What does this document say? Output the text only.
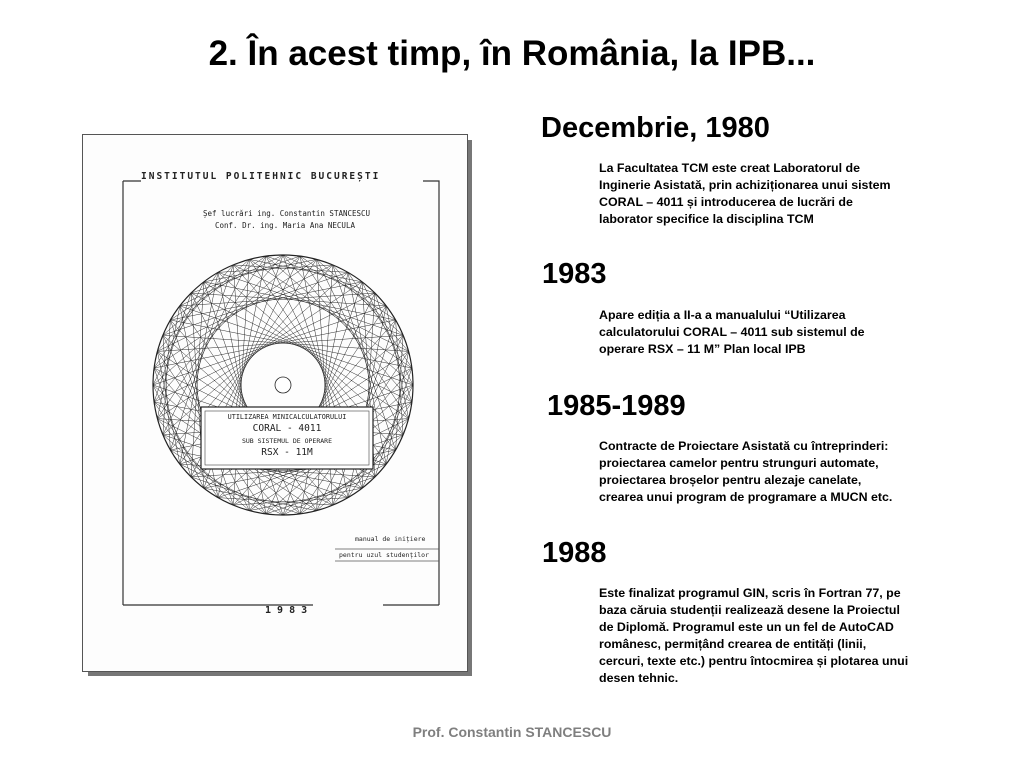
2. În acest timp, în România, la IPB...
INSTITUTUL POLITEHNIC BUCUREȘTI
Șef lucrări ing. Constantin STANCESCU
Conf. Dr. ing. Maria Ana NECULA
UTILIZAREA MINICALCULATORULUI
CORAL - 4011
SUB SISTEMUL DE OPERARE
RSX - 11M
manual de inițiere
pentru uzul studenților
1 9 8 3
Decembrie, 1980
La Facultatea TCM este creat Laboratorul de Inginerie Asistată, prin achiziționarea unui sistem CORAL – 4011 și introducerea de lucrări de laborator specifice la disciplina TCM
1983
Apare ediția a II-a a manualului “Utilizarea calculatorului CORAL – 4011 sub sistemul de operare RSX – 11 M” Plan local IPB
1985-1989
Contracte de Proiectare Asistată cu întreprinderi: proiectarea camelor pentru strunguri automate, proiectarea broșelor pentru alezaje canelate, crearea unui program de programare a MUCN etc.
1988
Este finalizat programul GIN, scris în Fortran 77, pe baza căruia studenții realizează desene la Proiectul de Diplomă. Programul este un un fel de AutoCAD românesc, permițând crearea de entități (linii, cercuri, texte etc.) pentru întocmirea și plotarea unui desen tehnic.
Prof. Constantin STANCESCU
